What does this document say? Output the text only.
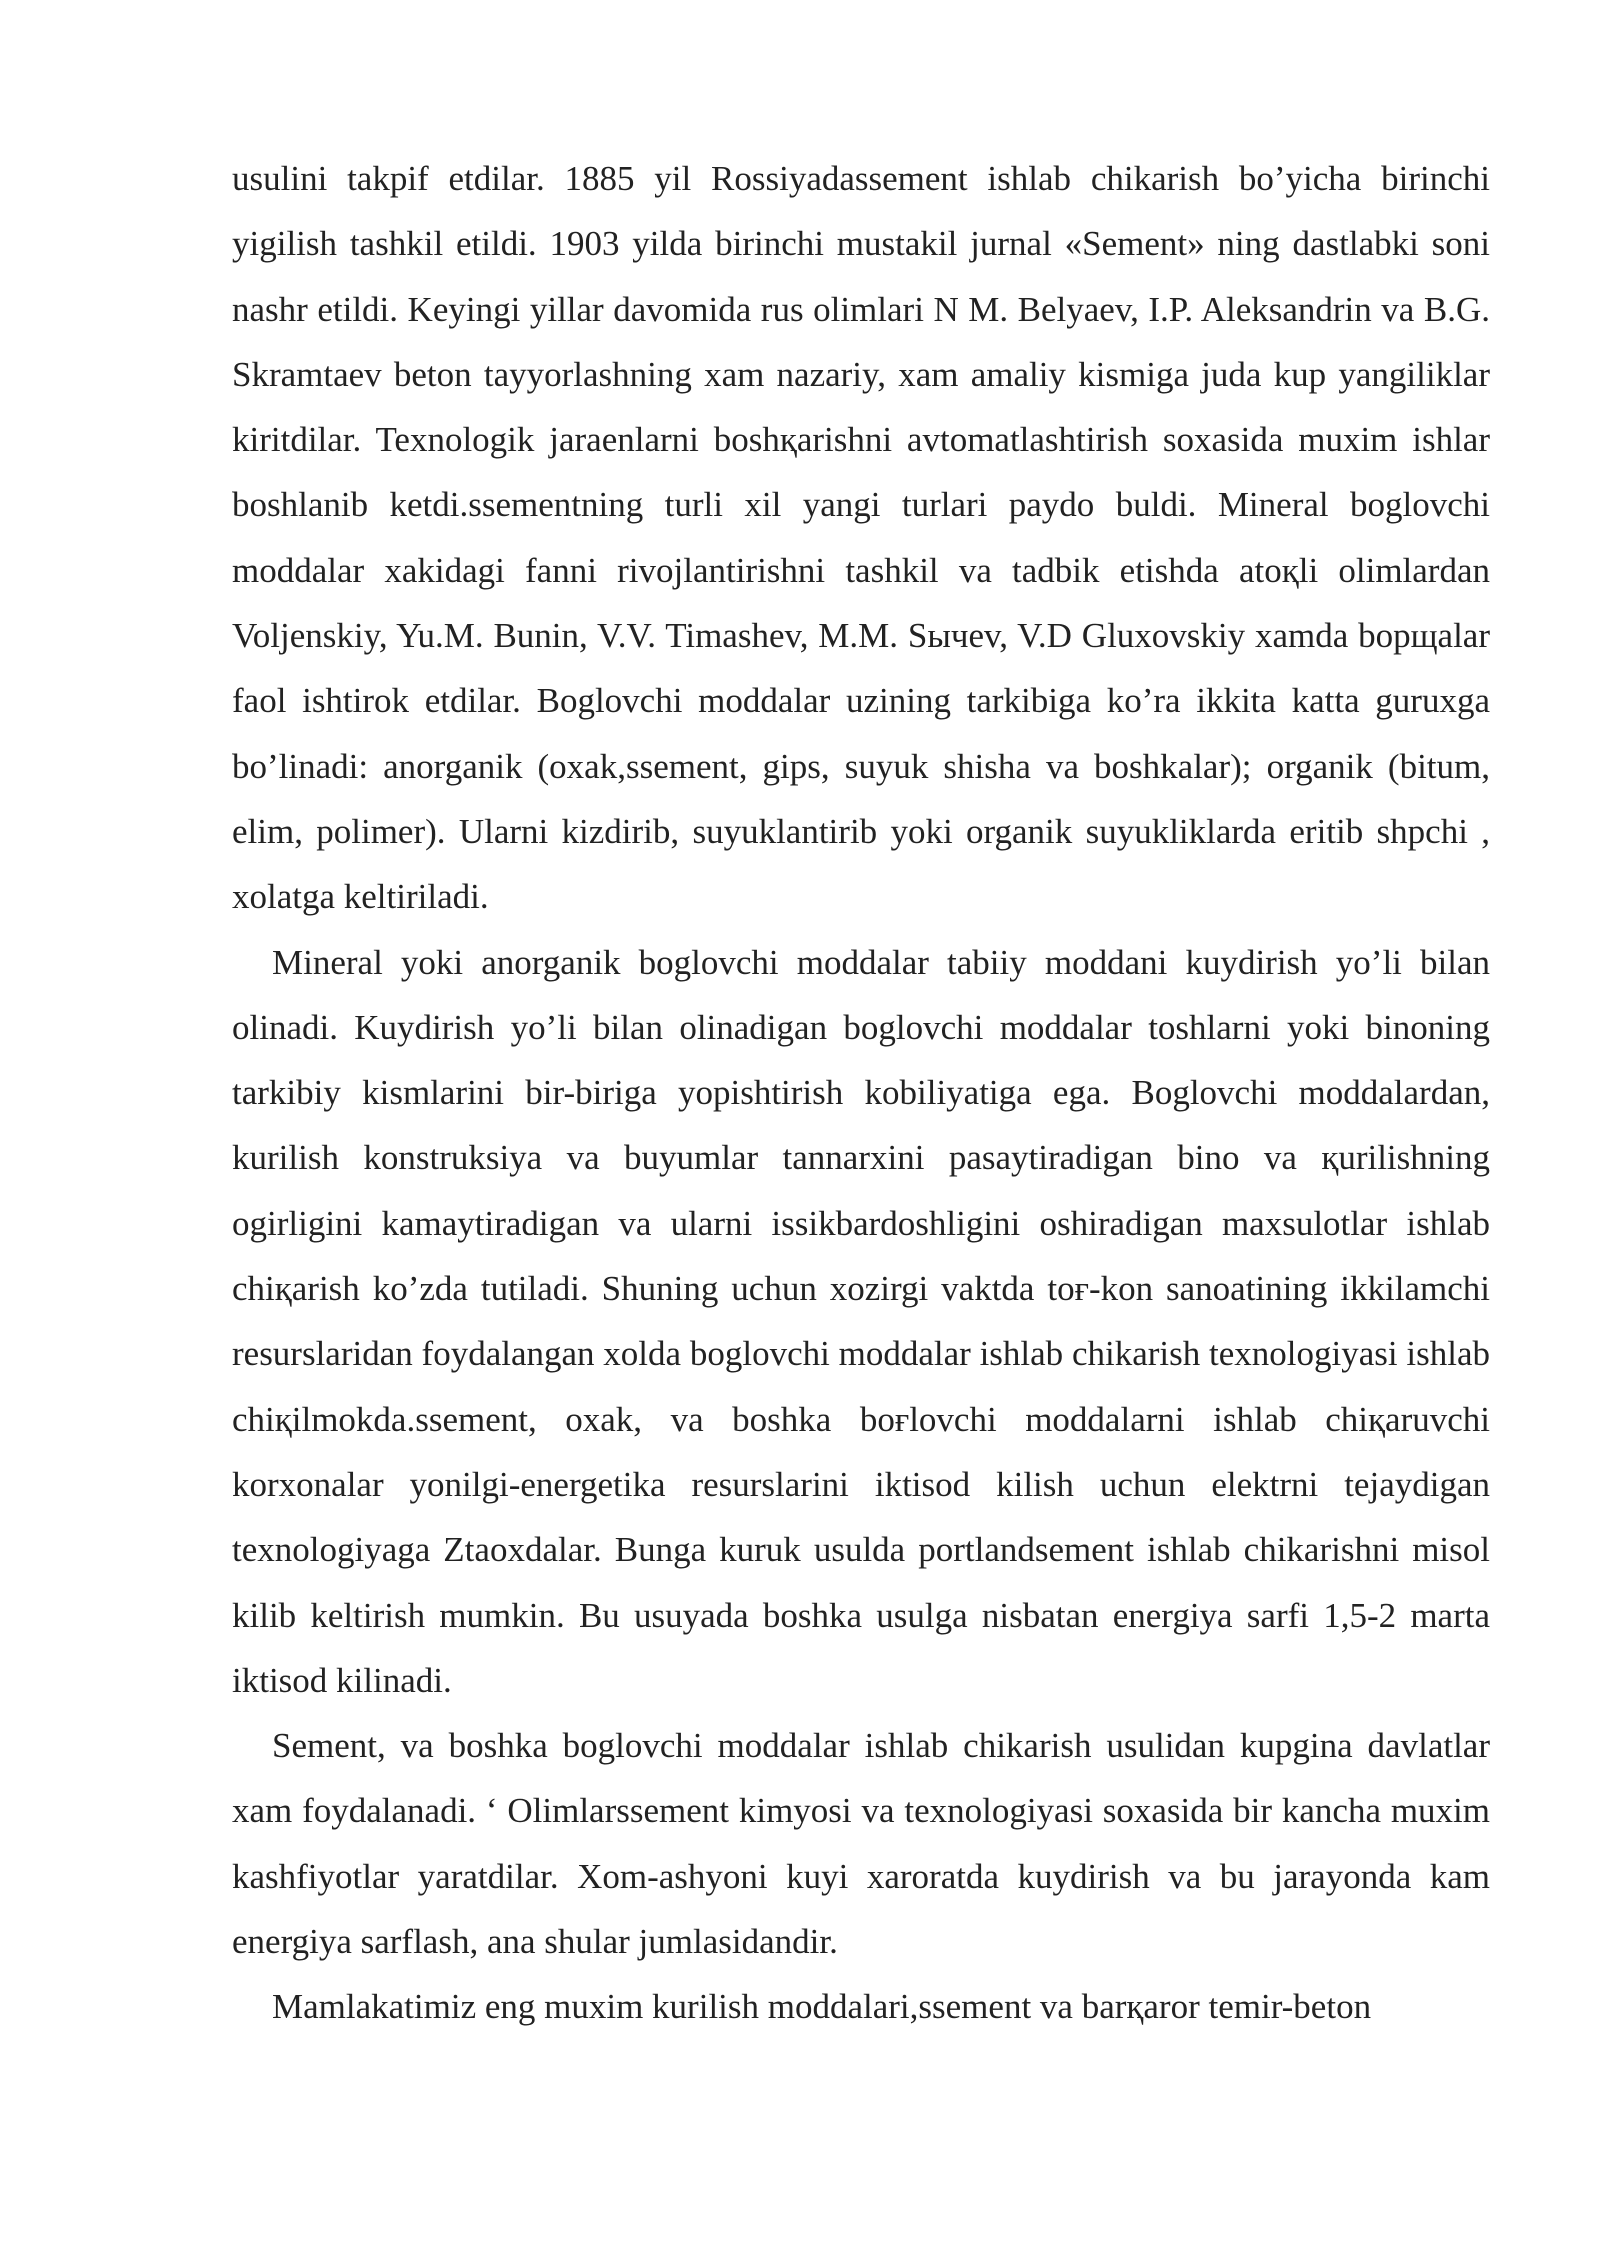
usulini takpif etdilar. 1885 yil Rossiyadassement ishlab chikarish bo’yicha birinchi yigilish tashkil etildi. 1903 yilda birinchi mustakil jurnal «Sement» ning dastlabki soni nashr etildi. Keyingi yillar davomida rus olimlari N M. Belyaev, I.P. Aleksandrin va B.G. Skramtaev beton tayyorlashning xam nazariy, xam amaliy kismiga juda kup yangiliklar kiritdilar. Texnologik jaraenlarni boshқarishni avtomatlashtirish soxasida muxim ishlar boshlanib ketdi.ssementning turli xil yangi turlari paydo buldi. Mineral boglovchi moddalar xakidagi fanni rivojlantirishni tashkil va tadbik etishda atoқli olimlardan Voljenskiy, Yu.M. Bunin, V.V. Timashev, M.M. Sычev, V.D Gluxovskiy xamda bopщalar faol ishtirok etdilar. Boglovchi moddalar uzining tarkibiga ko’ra ikkita katta guruxga bo’linadi: anorganik (oxak,ssement, gips, suyuk shisha va boshkalar); organik (bitum, elim, polimer). Ularni kizdirib, suyuklantirib yoki organik suyukliklarda eritib shpchi , xolatga keltiriladi.

Mineral yoki anorganik boglovchi moddalar tabiiy moddani kuydirish yo’li bilan olinadi. Kuydirish yo’li bilan olinadigan boglovchi moddalar toshlarni yoki binoning tarkibiy kismlarini bir-biriga yopishtirish kobiliyatiga ega. Boglovchi moddalardan, kurilish konstruksiya va buyumlar tannarxini pasaytiradigan bino va қurilishning ogirligini kamaytiradigan va ularni issikbardoshligini oshiradigan maxsulotlar ishlab chiқarish ko’zda tutiladi. Shuning uchun xozirgi vaktda toғ-kon sanoatining ikkilamchi resurslaridan foydalangan xolda boglovchi moddalar ishlab chikarish texnologiyasi ishlab chiқilmokda.ssement, oxak, va boshka boғlovchi moddalarni ishlab chiқaruvchi korxonalar yonilgi-energetika resurslarini iktisod kilish uchun elektrni tejaydigan texnologiyaga Ztaoxdalar. Bunga kuruk usulda portlandsement ishlab chikarishni misol kilib keltirish mumkin. Bu usuyada boshka usulga nisbatan energiya sarfi 1,5-2 marta iktisod kilinadi.

Sement, va boshka boglovchi moddalar ishlab chikarish usulidan kupgina davlatlar xam foydalanadi. ‘ Olimlarssement kimyosi va texnologiyasi soxasida bir kancha muxim kashfiyotlar yaratdilar. Xom-ashyoni kuyi xaroratda kuydirish va bu jarayonda kam energiya sarflash, ana shular jumlasidandir.

Mamlakatimiz eng muxim kurilish moddalari,ssement va barқaror temir-beton
